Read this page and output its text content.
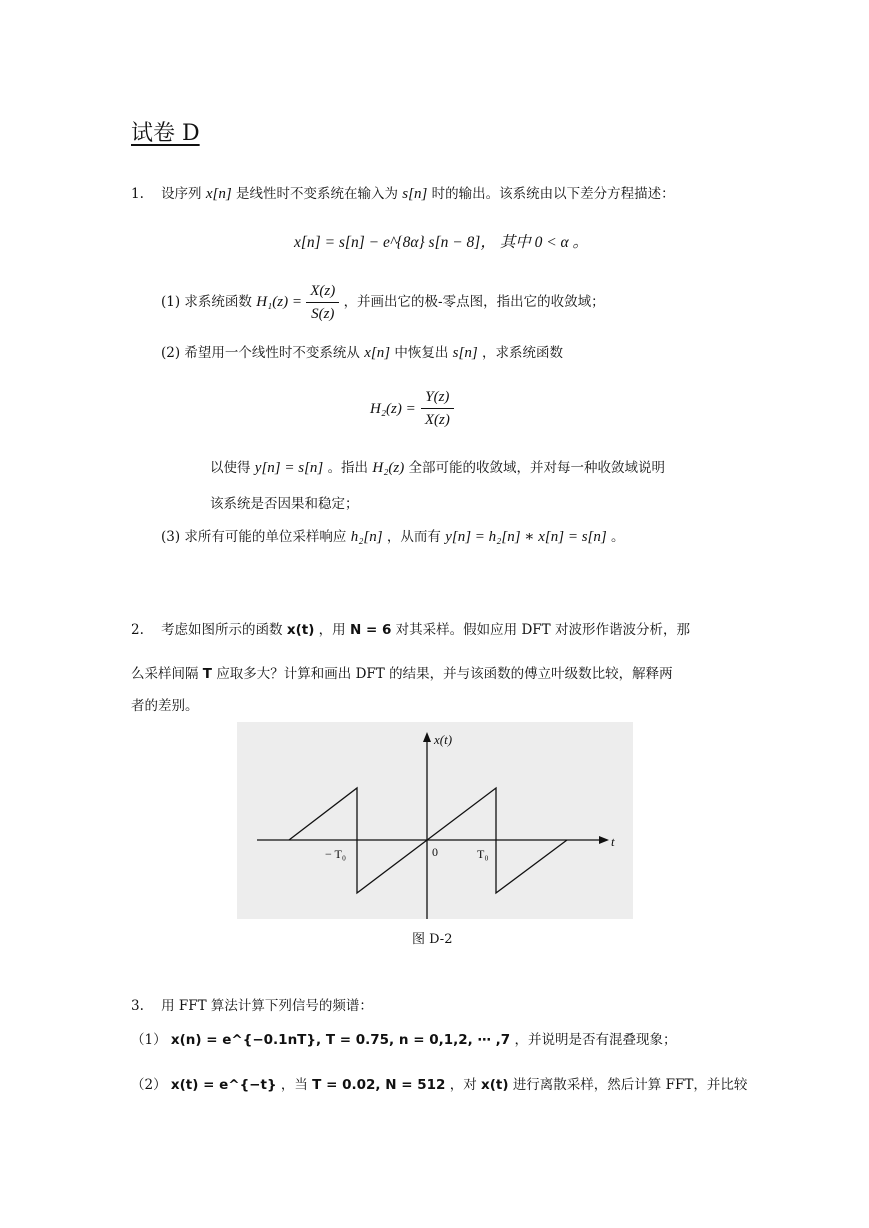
试卷 D
1. 设序列 x[n] 是线性时不变系统在输入为 s[n] 时的输出。该系统由以下差分方程描述：
x[n] = s[n] − e^{8α} s[n − 8]， 其中 0 < α 。
(1) 求系统函数 $H_1(z) = \frac{X(z)}{S(z)}$ ，并画出它的极-零点图，指出它的收敛域；
(2) 希望用一个线性时不变系统从 x[n] 中恢复出 s[n] ，求系统函数
$H_2(z) = \frac{Y(z)}{X(z)}$
以使得 y[n] = s[n] 。指出 H₂(z) 全部可能的收敛域，并对每一种收敛域说明
该系统是否因果和稳定；
(3) 求所有可能的单位采样响应 h₂[n] ，从而有 y[n] = h₂[n] ∗ x[n] = s[n] 。
2. 考虑如图所示的函数 x(t) ，用 N = 6 对其采样。假如应用 DFT 对波形作谐波分析，那
么采样间隔 T 应取多大？计算和画出 DFT 的结果，并与该函数的傅立叶级数比较，解释两
者的差别。
x(t)
t
− T₀	0	T₀
图 D-2
3. 用 FFT 算法计算下列信号的频谱：
（1） x(n) = e^{−0.1nT}, T = 0.75, n = 0,1,2, ⋯ ,7 ，并说明是否有混叠现象；
（2） x(t) = e^{−t} ，当 T = 0.02, N = 512 ，对 x(t) 进行离散采样，然后计算 FFT，并比较
